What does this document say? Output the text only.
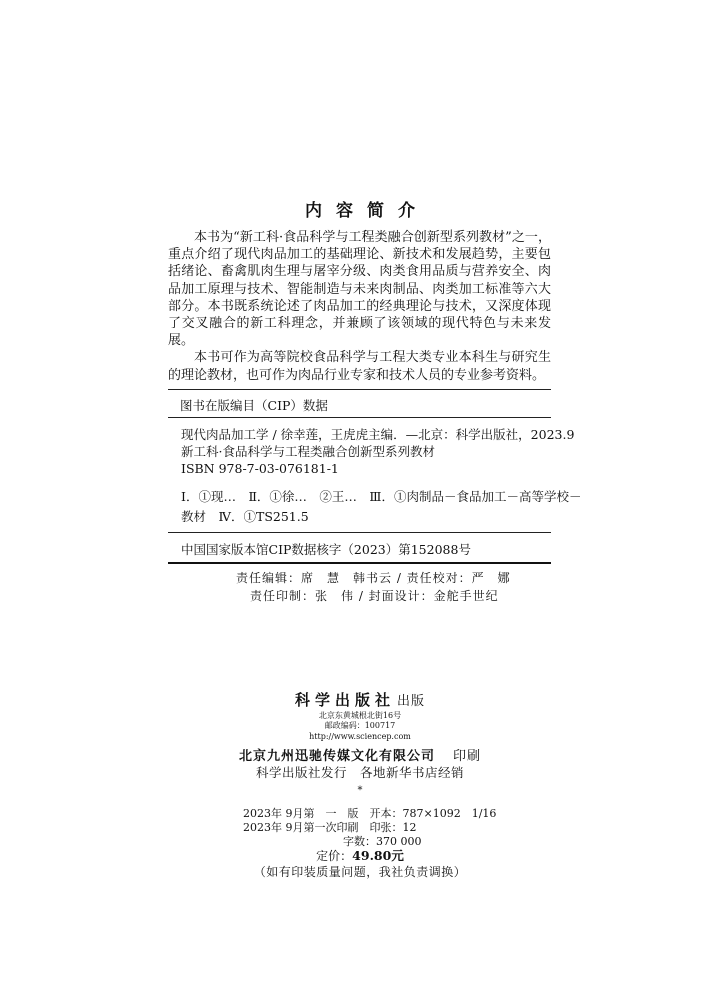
内容简介

本书为“新工科·食品科学与工程类融合创新型系列教材”之一，重点介绍了现代肉品加工的基础理论、新技术和发展趋势，主要包括绪论、畜禽肌肉生理与屠宰分级、肉类食用品质与营养安全、肉品加工原理与技术、智能制造与未来肉制品、肉类加工标准等六大部分。本书既系统论述了肉品加工的经典理论与技术，又深度体现了交叉融合的新工科理念，并兼顾了该领域的现代特色与未来发展。

本书可作为高等院校食品科学与工程大类专业本科生与研究生的理论教材，也可作为肉品行业专家和技术人员的专业参考资料。

图书在版编目（CIP）数据
现代肉品加工学 / 徐幸莲，王虎虎主编．—北京：科学出版社，2023.9
新工科·食品科学与工程类融合创新型系列教材
ISBN 978-7-03-076181-1
Ⅰ．①现…　Ⅱ．①徐…　②王…　Ⅲ．①肉制品－食品加工－高等学校－
教材　Ⅳ．①TS251.5
中国国家版本馆CIP数据核字（2023）第152088号
责任编辑：席　慧　韩书云 / 责任校对：严　娜
责任印制：张　伟 / 封面设计：金舵手世纪
科学出版社 出版
北京东黄城根北街16号
邮政编码：100717
http://www.sciencep.com
北京九州迅驰传媒文化有限公司 印刷
科学出版社发行　各地新华书店经销
*
2023年 9月第　一　版　开本：787×1092　1/16
2023年 9月第一次印刷　印张：12
字数：370 000
定价：49.80元
（如有印装质量问题，我社负责调换）
